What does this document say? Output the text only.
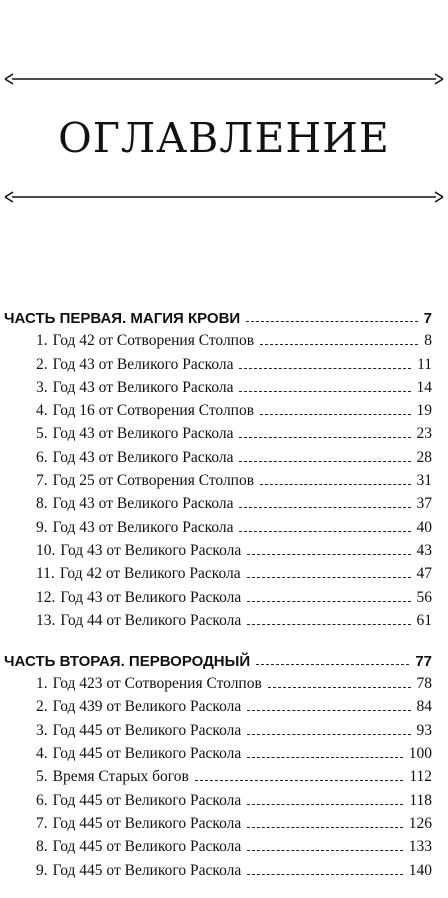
ОГЛАВЛЕНИЕ
ЧАСТЬ ПЕРВАЯ. МАГИЯ КРОВИ	7
1. Год 42 от Сотворения Столпов	8
2. Год 43 от Великого Раскола	11
3. Год 43 от Великого Раскола	14
4. Год 16 от Сотворения Столпов	19
5. Год 43 от Великого Раскола	23
6. Год 43 от Великого Раскола	28
7. Год 25 от Сотворения Столпов	31
8. Год 43 от Великого Раскола	37
9. Год 43 от Великого Раскола	40
10. Год 43 от Великого Раскола	43
11. Год 42 от Великого Раскола	47
12. Год 43 от Великого Раскола	56
13. Год 44 от Великого Раскола	61
ЧАСТЬ ВТОРАЯ. ПЕРВОРОДНЫЙ	77
1. Год 423 от Сотворения Столпов	78
2. Год 439 от Великого Раскола	84
3. Год 445 от Великого Раскола	93
4. Год 445 от Великого Раскола	100
5. Время Старых богов	112
6. Год 445 от Великого Раскола	118
7. Год 445 от Великого Раскола	126
8. Год 445 от Великого Раскола	133
9. Год 445 от Великого Раскола	140
